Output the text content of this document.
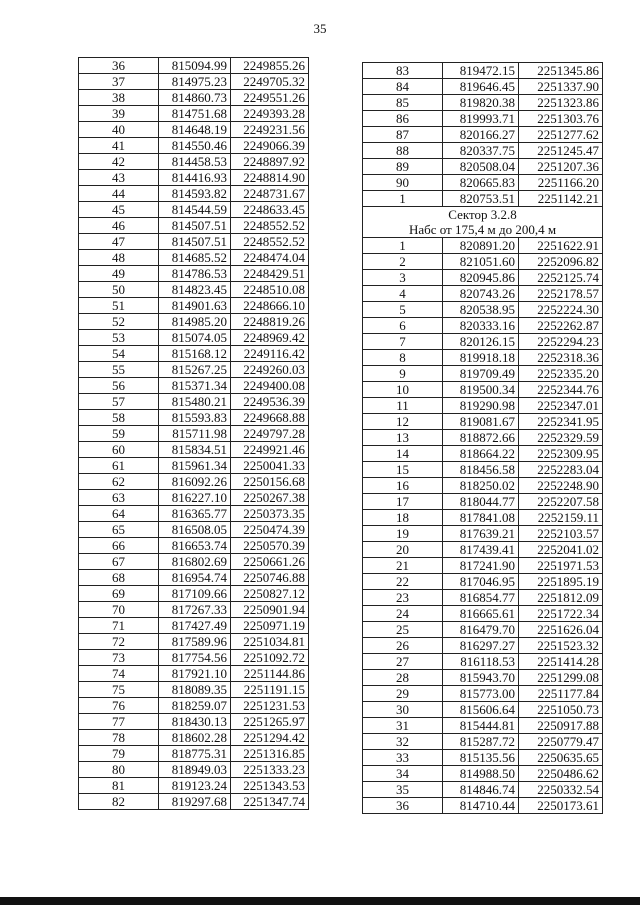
35
36	815094.99	2249855.26
37	814975.23	2249705.32
38	814860.73	2249551.26
39	814751.68	2249393.28
40	814648.19	2249231.56
41	814550.46	2249066.39
42	814458.53	2248897.92
43	814416.93	2248814.90
44	814593.82	2248731.67
45	814544.59	2248633.45
46	814507.51	2248552.52
47	814507.51	2248552.52
48	814685.52	2248474.04
49	814786.53	2248429.51
50	814823.45	2248510.08
51	814901.63	2248666.10
52	814985.20	2248819.26
53	815074.05	2248969.42
54	815168.12	2249116.42
55	815267.25	2249260.03
56	815371.34	2249400.08
57	815480.21	2249536.39
58	815593.83	2249668.88
59	815711.98	2249797.28
60	815834.51	2249921.46
61	815961.34	2250041.33
62	816092.26	2250156.68
63	816227.10	2250267.38
64	816365.77	2250373.35
65	816508.05	2250474.39
66	816653.74	2250570.39
67	816802.69	2250661.26
68	816954.74	2250746.88
69	817109.66	2250827.12
70	817267.33	2250901.94
71	817427.49	2250971.19
72	817589.96	2251034.81
73	817754.56	2251092.72
74	817921.10	2251144.86
75	818089.35	2251191.15
76	818259.07	2251231.53
77	818430.13	2251265.97
78	818602.28	2251294.42
79	818775.31	2251316.85
80	818949.03	2251333.23
81	819123.24	2251343.53
82	819297.68	2251347.74
83	819472.15	2251345.86
84	819646.45	2251337.90
85	819820.38	2251323.86
86	819993.71	2251303.76
87	820166.27	2251277.62
88	820337.75	2251245.47
89	820508.04	2251207.36
90	820665.83	2251166.20
1	820753.51	2251142.21
Сектор 3.2.8		
Набс от 175,4 м до 200,4 м		
1	820891.20	2251622.91
2	821051.60	2252096.82
3	820945.86	2252125.74
4	820743.26	2252178.57
5	820538.95	2252224.30
6	820333.16	2252262.87
7	820126.15	2252294.23
8	819918.18	2252318.36
9	819709.49	2252335.20
10	819500.34	2252344.76
11	819290.98	2252347.01
12	819081.67	2252341.95
13	818872.66	2252329.59
14	818664.22	2252309.95
15	818456.58	2252283.04
16	818250.02	2252248.90
17	818044.77	2252207.58
18	817841.08	2252159.11
19	817639.21	2252103.57
20	817439.41	2252041.02
21	817241.90	2251971.53
22	817046.95	2251895.19
23	816854.77	2251812.09
24	816665.61	2251722.34
25	816479.70	2251626.04
26	816297.27	2251523.32
27	816118.53	2251414.28
28	815943.70	2251299.08
29	815773.00	2251177.84
30	815606.64	2251050.73
31	815444.81	2250917.88
32	815287.72	2250779.47
33	815135.56	2250635.65
34	814988.50	2250486.62
35	814846.74	2250332.54
36	814710.44	2250173.61
